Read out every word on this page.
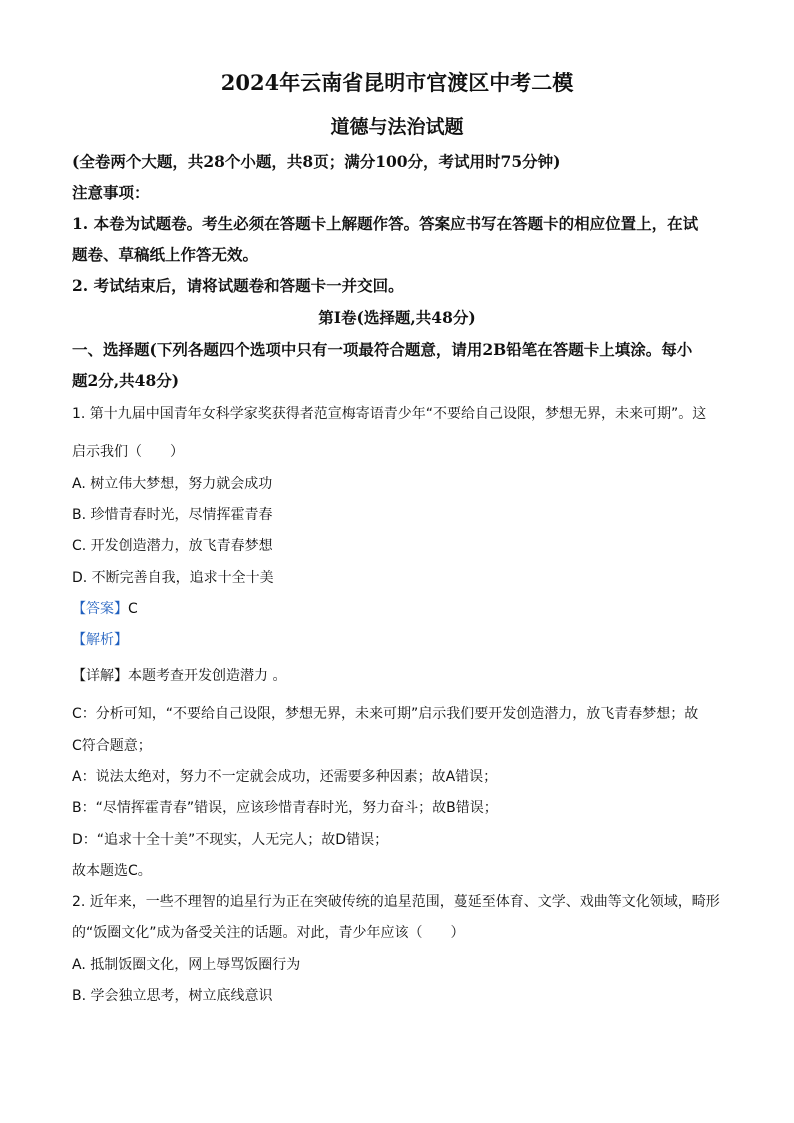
2024年云南省昆明市官渡区中考二模
道德与法治试题
(全卷两个大题，共28个小题，共8页；满分100分，考试用时75分钟)
注意事项：
1. 本卷为试题卷。考生必须在答题卡上解题作答。答案应书写在答题卡的相应位置上，在试
题卷、草稿纸上作答无效。
2. 考试结束后，请将试题卷和答题卡一并交回。
第Ⅰ卷(选择题,共48分)
一、选择题(下列各题四个选项中只有一项最符合题意，请用2B铅笔在答题卡上填涂。每小
题2分,共48分)
1. 第十九届中国青年女科学家奖获得者范宣梅寄语青少年“不要给自己设限，梦想无界，未来可期”。这
启示我们（　　）
A. 树立伟大梦想，努力就会成功
B. 珍惜青春时光，尽情挥霍青春
C. 开发创造潜力，放飞青春梦想
D. 不断完善自我，追求十全十美
【答案】C
【解析】
【详解】本题考查开发创造潜力 。
C：分析可知，“不要给自己设限，梦想无界，未来可期”启示我们要开发创造潜力，放飞青春梦想；故
C符合题意；
A：说法太绝对，努力不一定就会成功，还需要多种因素；故A错误；
B：“尽情挥霍青春”错误，应该珍惜青春时光，努力奋斗；故B错误；
D：“追求十全十美”不现实，人无完人；故D错误；
故本题选C。
2. 近年来，一些不理智的追星行为正在突破传统的追星范围，蔓延至体育、文学、戏曲等文化领域，畸形
的“饭圈文化”成为备受关注的话题。对此，青少年应该（　　）
A. 抵制饭圈文化，网上辱骂饭圈行为
B. 学会独立思考，树立底线意识
